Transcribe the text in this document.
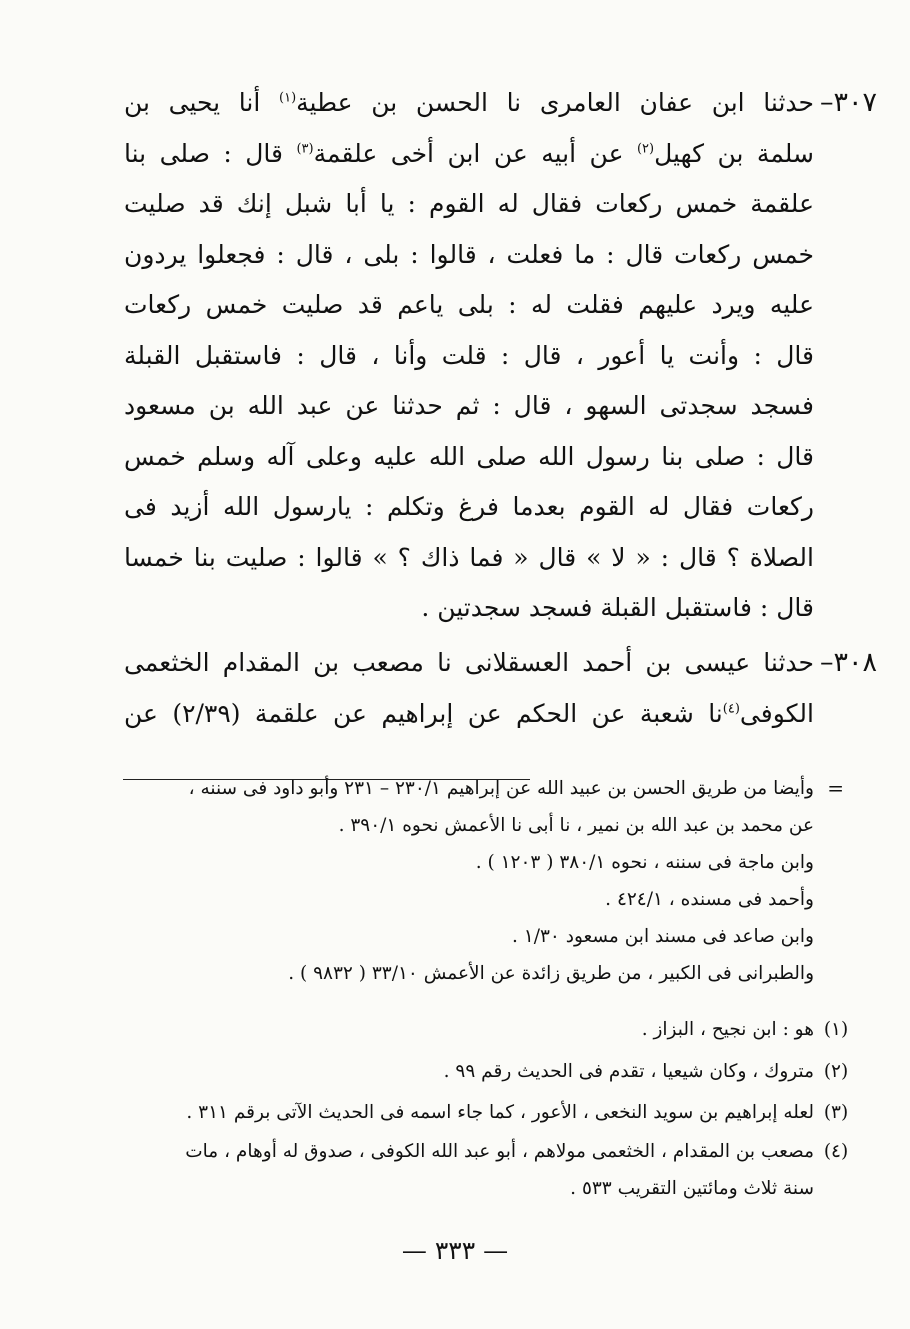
٣٠٧–
حدثنا ابن عفان العامرى نا الحسن بن عطية$^{(١)}$ أنا يحيى بن
سلمة بن كهيل$^{(٢)}$ عن أبيه عن ابن أخى علقمة$^{(٣)}$ قال : صلى بنا
علقمة خمس ركعات فقال له القوم : يا أبا شبل إنك قد صليت
خمس ركعات قال : ما فعلت ، قالوا : بلى ، قال : فجعلوا يردون
عليه ويرد عليهم فقلت له : بلى ياعم قد صليت خمس ركعات
قال : وأنت يا أعور ، قال : قلت وأنا ، قال : فاستقبل القبلة
فسجد سجدتى السهو ، قال : ثم حدثنا عن عبد الله بن مسعود
قال : صلى بنا رسول الله صلى الله عليه وعلى آله وسلم خمس
ركعات فقال له القوم بعدما فرغ وتكلم : يارسول الله أزيد فى
الصلاة ؟ قال : « لا » قال « فما ذاك ؟ » قالوا : صليت بنا خمسا
قال : فاستقبل القبلة فسجد سجدتين .
٣٠٨–
حدثنا عيسى بن أحمد العسقلانى نا مصعب بن المقدام الخثعمى
الكوفى$^{(٤)}$نا شعبة عن الحكم عن إبراهيم عن علقمة (٢/٣٩) عن
=
وأيضا من طريق الحسن بن عبيد الله عن إبراهيم ٢٣٠/١ – ٢٣١ وأبو داود فى سننه ،
عن محمد بن عبد الله بن نمير ، نا أبى نا الأعمش نحوه ٣٩٠/١ .
وابن ماجة فى سننه ، نحوه ٣٨٠/١ ( ١٢٠٣ ) .
وأحمد فى مسنده ، ٤٢٤/١ .
وابن صاعد فى مسند ابن مسعود ١/٣٠ .
والطبرانى فى الكبير ، من طريق زائدة عن الأعمش ٣٣/١٠ ( ٩٨٣٢ ) .
(١)
هو : ابن نجيح ، البزاز .
(٢)
متروك ، وكان شيعيا ، تقدم فى الحديث رقم ٩٩ .
(٣)
لعله إبراهيم بن سويد النخعى ، الأعور ، كما جاء اسمه فى الحديث الآتى برقم ٣١١ .
(٤)
مصعب بن المقدام ، الخثعمى مولاهم ، أبو عبد الله الكوفى ، صدوق له أوهام ، مات
سنة ثلاث ومائتين التقريب ٥٣٣ .
— ٣٣٣ —
